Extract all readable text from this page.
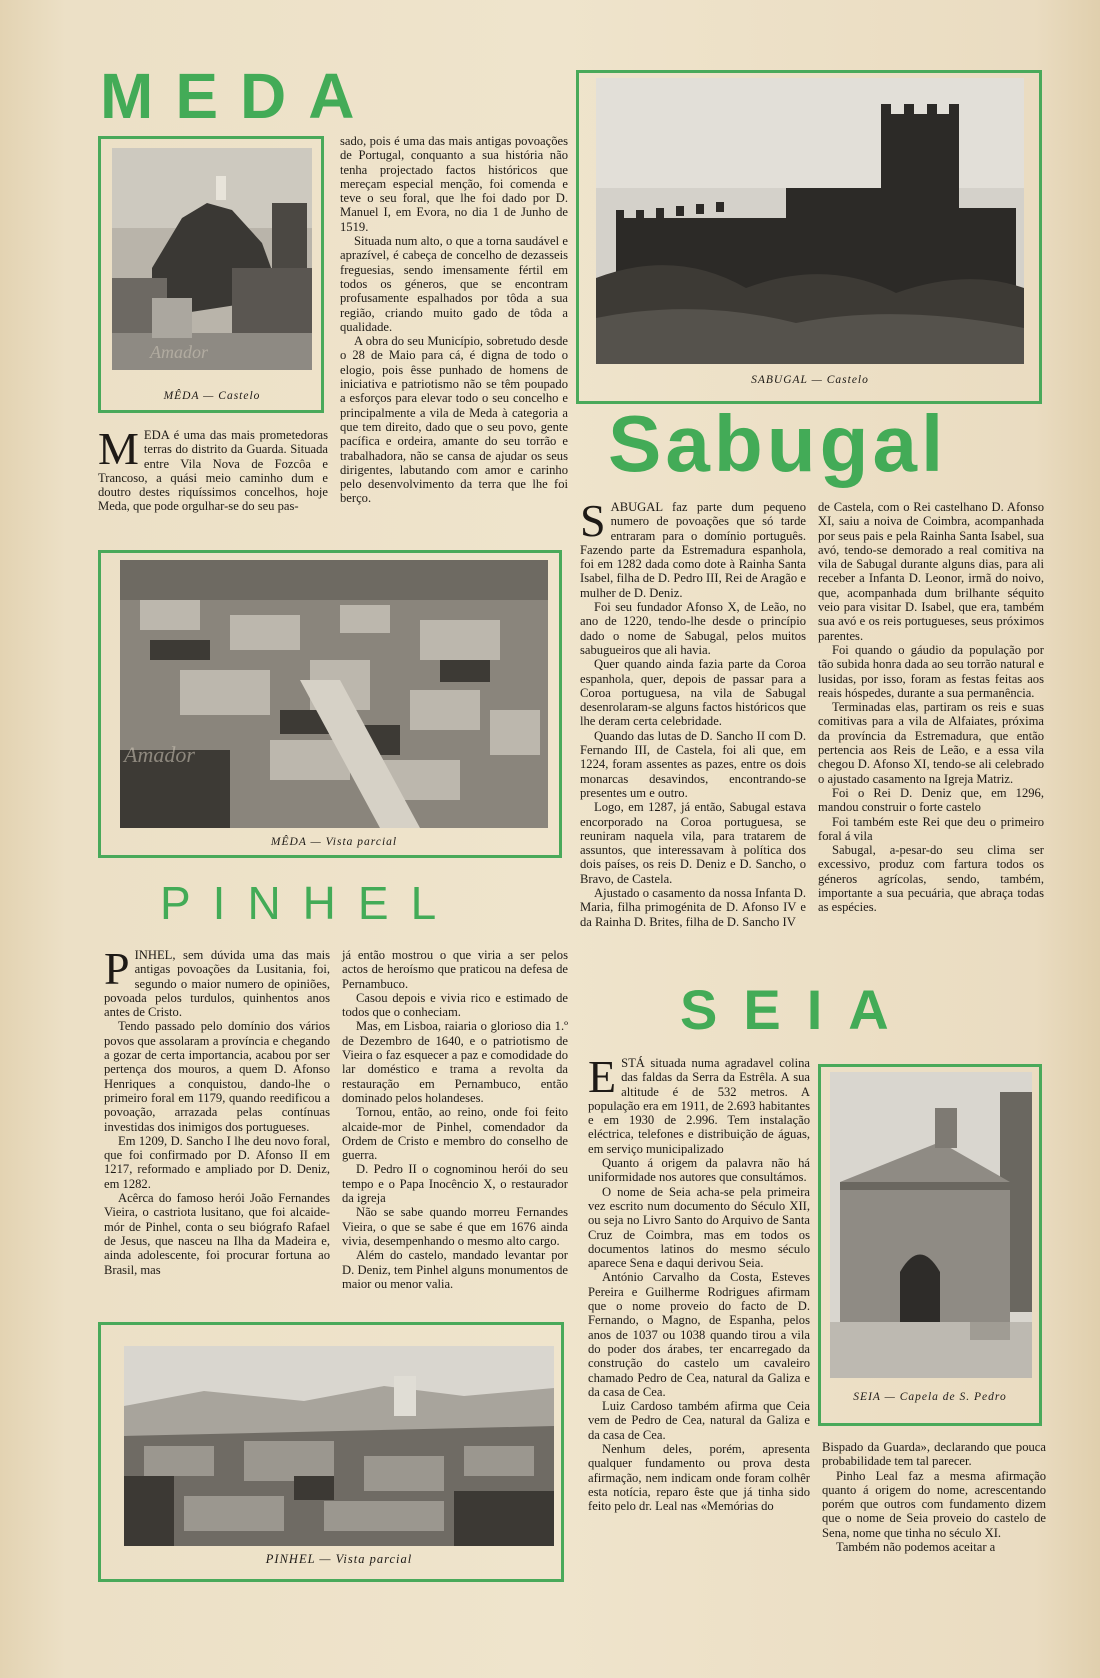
MEDA
Amador
MÊDA — Castelo

MEDA é uma das mais prometedoras terras do distrito da Guarda. Situada entre Vila Nova de Fozcôa e Trancoso, a quási meio caminho dum e doutro destes riquíssimos concelhos, hoje Meda, que pode orgulhar-se do seu pas-

sado, pois é uma das mais antigas povoações de Portugal, conquanto a sua história não tenha projectado factos históricos que mereçam especial menção, foi comenda e teve o seu foral, que lhe foi dado por D. Manuel I, em Evora, no dia 1 de Junho de 1519.

Situada num alto, o que a torna saudável e aprazível, é cabeça de concelho de dezasseis freguesias, sendo imensamente fértil em todos os géneros, que se encontram profusamente espalhados por tôda a sua região, criando muito gado de tôda a qualidade.

A obra do seu Município, sobretudo desde o 28 de Maio para cá, é digna de todo o elogio, pois êsse punhado de homens de iniciativa e patriotismo não se têm poupado a esforços para elevar todo o seu concelho e principalmente a vila de Meda à categoria a que tem direito, dado que o seu povo, gente pacífica e ordeira, amante do seu torrão e trabalhadora, não se cansa de ajudar os seus dirigentes, labutando com amor e carinho pelo desenvolvimento da terra que lhe foi berço.

Amador
MÊDA — Vista parcial
PINHEL

PINHEL, sem dúvida uma das mais antigas povoações da Lusitania, foi, segundo o maior numero de opiniões, povoada pelos turdulos, quinhentos anos antes de Cristo.

Tendo passado pelo domínio dos vários povos que assolaram a província e chegando a gozar de certa importancia, acabou por ser pertença dos mouros, a quem D. Afonso Henriques a conquistou, dando-lhe o primeiro foral em 1179, quando reedificou a povoação, arrazada pelas contínuas investidas dos inimigos dos portugueses.

Em 1209, D. Sancho I lhe deu novo foral, que foi confirmado por D. Afonso II em 1217, reformado e ampliado por D. Deniz, em 1282.

Acêrca do famoso herói João Fernandes Vieira, o castriota lusitano, que foi alcaide-mór de Pinhel, conta o seu biógrafo Rafael de Jesus, que nasceu na Ilha da Madeira e, ainda adolescente, foi procurar fortuna ao Brasil, mas

já então mostrou o que viria a ser pelos actos de heroísmo que praticou na defesa de Pernambuco.

Casou depois e vivia rico e estimado de todos que o conheciam.

Mas, em Lisboa, raiaria o glorioso dia 1.º de Dezembro de 1640, e o patriotismo de Vieira o faz esquecer a paz e comodidade do lar doméstico e trama a revolta da restauração em Pernambuco, então dominado pelos holandeses.

Tornou, então, ao reino, onde foi feito alcaide-mor de Pinhel, comendador da Ordem de Cristo e membro do conselho de guerra.

D. Pedro II o cognominou herói do seu tempo e o Papa Inocêncio X, o restaurador da igreja

Não se sabe quando morreu Fernandes Vieira, o que se sabe é que em 1676 ainda vivia, desempenhando o mesmo alto cargo.

Além do castelo, mandado levantar por D. Deniz, tem Pinhel alguns monumentos de maior ou menor valia.

PINHEL — Vista parcial
SABUGAL — Castelo
Sabugal

SABUGAL faz parte dum pequeno numero de povoações que só tarde entraram para o domínio português. Fazendo parte da Estremadura espanhola, foi em 1282 dada como dote à Rainha Santa Isabel, filha de D. Pedro III, Rei de Aragão e mulher de D. Deniz.

Foi seu fundador Afonso X, de Leão, no ano de 1220, tendo-lhe desde o princípio dado o nome de Sabugal, pelos muitos sabugueiros que ali havia.

Quer quando ainda fazia parte da Coroa espanhola, quer, depois de passar para a Coroa portuguesa, na vila de Sabugal desenrolaram-se alguns factos históricos que lhe deram certa celebridade.

Quando das lutas de D. Sancho II com D. Fernando III, de Castela, foi ali que, em 1224, foram assentes as pazes, entre os dois monarcas desavindos, encontrando-se presentes um e outro.

Logo, em 1287, já então, Sabugal estava encorporado na Coroa portuguesa, se reuniram naquela vila, para tratarem de assuntos, que interessavam à política dos dois países, os reis D. Deniz e D. Sancho, o Bravo, de Castela.

Ajustado o casamento da nossa Infanta D. Maria, filha primogénita de D. Afonso IV e da Rainha D. Brites, filha de D. Sancho IV

de Castela, com o Rei castelhano D. Afonso XI, saiu a noiva de Coimbra, acompanhada por seus pais e pela Rainha Santa Isabel, sua avó, tendo-se demorado a real comitiva na vila de Sabugal durante alguns dias, para ali receber a Infanta D. Leonor, irmã do noivo, que, acompanhada dum brilhante séquito veio para visitar D. Isabel, que era, também sua avó e os reis portugueses, seus próximos parentes.

Foi quando o gáudio da população por tão subida honra dada ao seu torrão natural e lusidas, por isso, foram as festas feitas aos reais hóspedes, durante a sua permanência.

Terminadas elas, partiram os reis e suas comitivas para a vila de Alfaiates, próxima da província da Estremadura, que então pertencia aos Reis de Leão, e a essa vila chegou D. Afonso XI, tendo-se ali celebrado o ajustado casamento na Igreja Matriz.

Foi o Rei D. Deniz que, em 1296, mandou construir o forte castelo

Foi também este Rei que deu o primeiro foral á vila

Sabugal, a-pesar-do seu clima ser excessivo, produz com fartura todos os géneros agrícolas, sendo, também, importante a sua pecuária, que abraça todas as espécies.

SEIA

ESTÁ situada numa agradavel colina das faldas da Serra da Estrêla. A sua altitude é de 532 metros. A população era em 1911, de 2.693 habitantes e em 1930 de 2.996. Tem instalação eléctrica, telefones e distribuição de águas, em serviço municipalizado

Quanto á origem da palavra não há uniformidade nos autores que consultámos.

O nome de Seia acha-se pela primeira vez escrito num documento do Século XII, ou seja no Livro Santo do Arquivo de Santa Cruz de Coimbra, mas em todos os documentos latinos do mesmo século aparece Sena e daqui derivou Seia.

António Carvalho da Costa, Esteves Pereira e Guilherme Rodrigues afirmam que o nome proveio do facto de D. Fernando, o Magno, de Espanha, pelos anos de 1037 ou 1038 quando tirou a vila do poder dos árabes, ter encarregado da construção do castelo um cavaleiro chamado Pedro de Cea, natural da Galiza e da casa de Cea.

Luiz Cardoso também afirma que Ceia vem de Pedro de Cea, natural da Galiza e da casa de Cea.

Nenhum deles, porém, apresenta qualquer fundamento ou prova desta afirmação, nem indicam onde foram colhêr esta notícia, reparo êste que já tinha sido feito pelo dr. Leal nas «Memórias do

SEIA — Capela de S. Pedro

Bispado da Guarda», declarando que pouca probabilidade tem tal parecer.

Pinho Leal faz a mesma afirmação quanto á origem do nome, acrescentando porém que outros com fundamento dizem que o nome de Seia proveio do castelo de Sena, nome que tinha no século XI.

Também não podemos aceitar a
